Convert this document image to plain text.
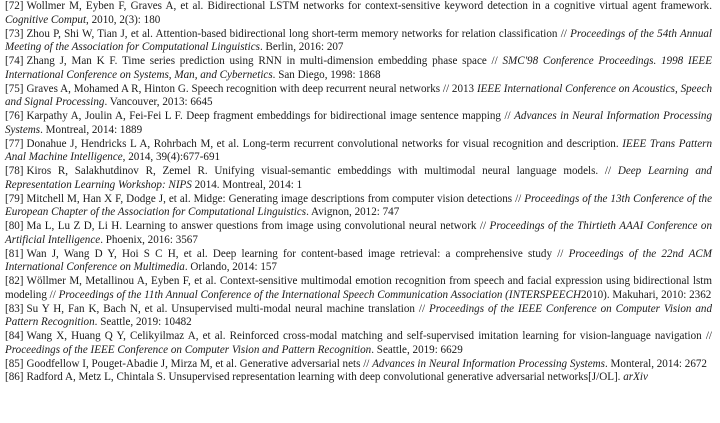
[72] Wollmer M, Eyben F, Graves A, et al. Bidirectional LSTM networks for context-sensitive keyword detection in a cognitive virtual agent framework. Cognitive Comput, 2010, 2(3): 180

[73] Zhou P, Shi W, Tian J, et al. Attention-based bidirectional long short-term memory networks for relation classification // Proceedings of the 54th Annual Meeting of the Association for Computational Linguistics. Berlin, 2016: 207

[74] Zhang J, Man K F. Time series prediction using RNN in multi-dimension embedding phase space // SMC'98 Conference Proceedings. 1998 IEEE International Conference on Systems, Man, and Cybernetics. San Diego, 1998: 1868

[75] Graves A, Mohamed A R, Hinton G. Speech recognition with deep recurrent neural networks // 2013 IEEE International Conference on Acoustics, Speech and Signal Processing. Vancouver, 2013: 6645

[76] Karpathy A, Joulin A, Fei-Fei L F. Deep fragment embeddings for bidirectional image sentence mapping // Advances in Neural Information Processing Systems. Montreal, 2014: 1889

[77] Donahue J, Hendricks L A, Rohrbach M, et al. Long-term recurrent convolutional networks for visual recognition and description. IEEE Trans Pattern Anal Machine Intelligence, 2014, 39(4):677-691

[78] Kiros R, Salakhutdinov R, Zemel R. Unifying visual-semantic embeddings with multimodal neural language models. // Deep Learning and Representation Learning Workshop: NIPS 2014. Montreal, 2014: 1

[79] Mitchell M, Han X F, Dodge J, et al. Midge: Generating image descriptions from computer vision detections // Proceedings of the 13th Conference of the European Chapter of the Association for Computational Linguistics. Avignon, 2012: 747

[80] Ma L, Lu Z D, Li H. Learning to answer questions from image using convolutional neural network // Proceedings of the Thirtieth AAAI Conference on Artificial Intelligence. Phoenix, 2016: 3567

[81] Wan J, Wang D Y, Hoi S C H, et al. Deep learning for content-based image retrieval: a comprehensive study // Proceedings of the 22nd ACM International Conference on Multimedia. Orlando, 2014: 157

[82] Wöllmer M, Metallinou A, Eyben F, et al. Context-sensitive multimodal emotion recognition from speech and facial expression using bidirectional lstm modeling // Proceedings of the 11th Annual Conference of the International Speech Communication Association (INTERSPEECH2010). Makuhari, 2010: 2362

[83] Su Y H, Fan K, Bach N, et al. Unsupervised multi-modal neural machine translation // Proceedings of the IEEE Conference on Computer Vision and Pattern Recognition. Seattle, 2019: 10482

[84] Wang X, Huang Q Y, Celikyilmaz A, et al. Reinforced cross-modal matching and self-supervised imitation learning for vision-language navigation // Proceedings of the IEEE Conference on Computer Vision and Pattern Recognition. Seattle, 2019: 6629

[85] Goodfellow I, Pouget-Abadie J, Mirza M, et al. Generative adversarial nets // Advances in Neural Information Processing Systems. Monteral, 2014: 2672

[86] Radford A, Metz L, Chintala S. Unsupervised representation learning with deep convolutional generative adversarial networks[J/OL]. arXiv
